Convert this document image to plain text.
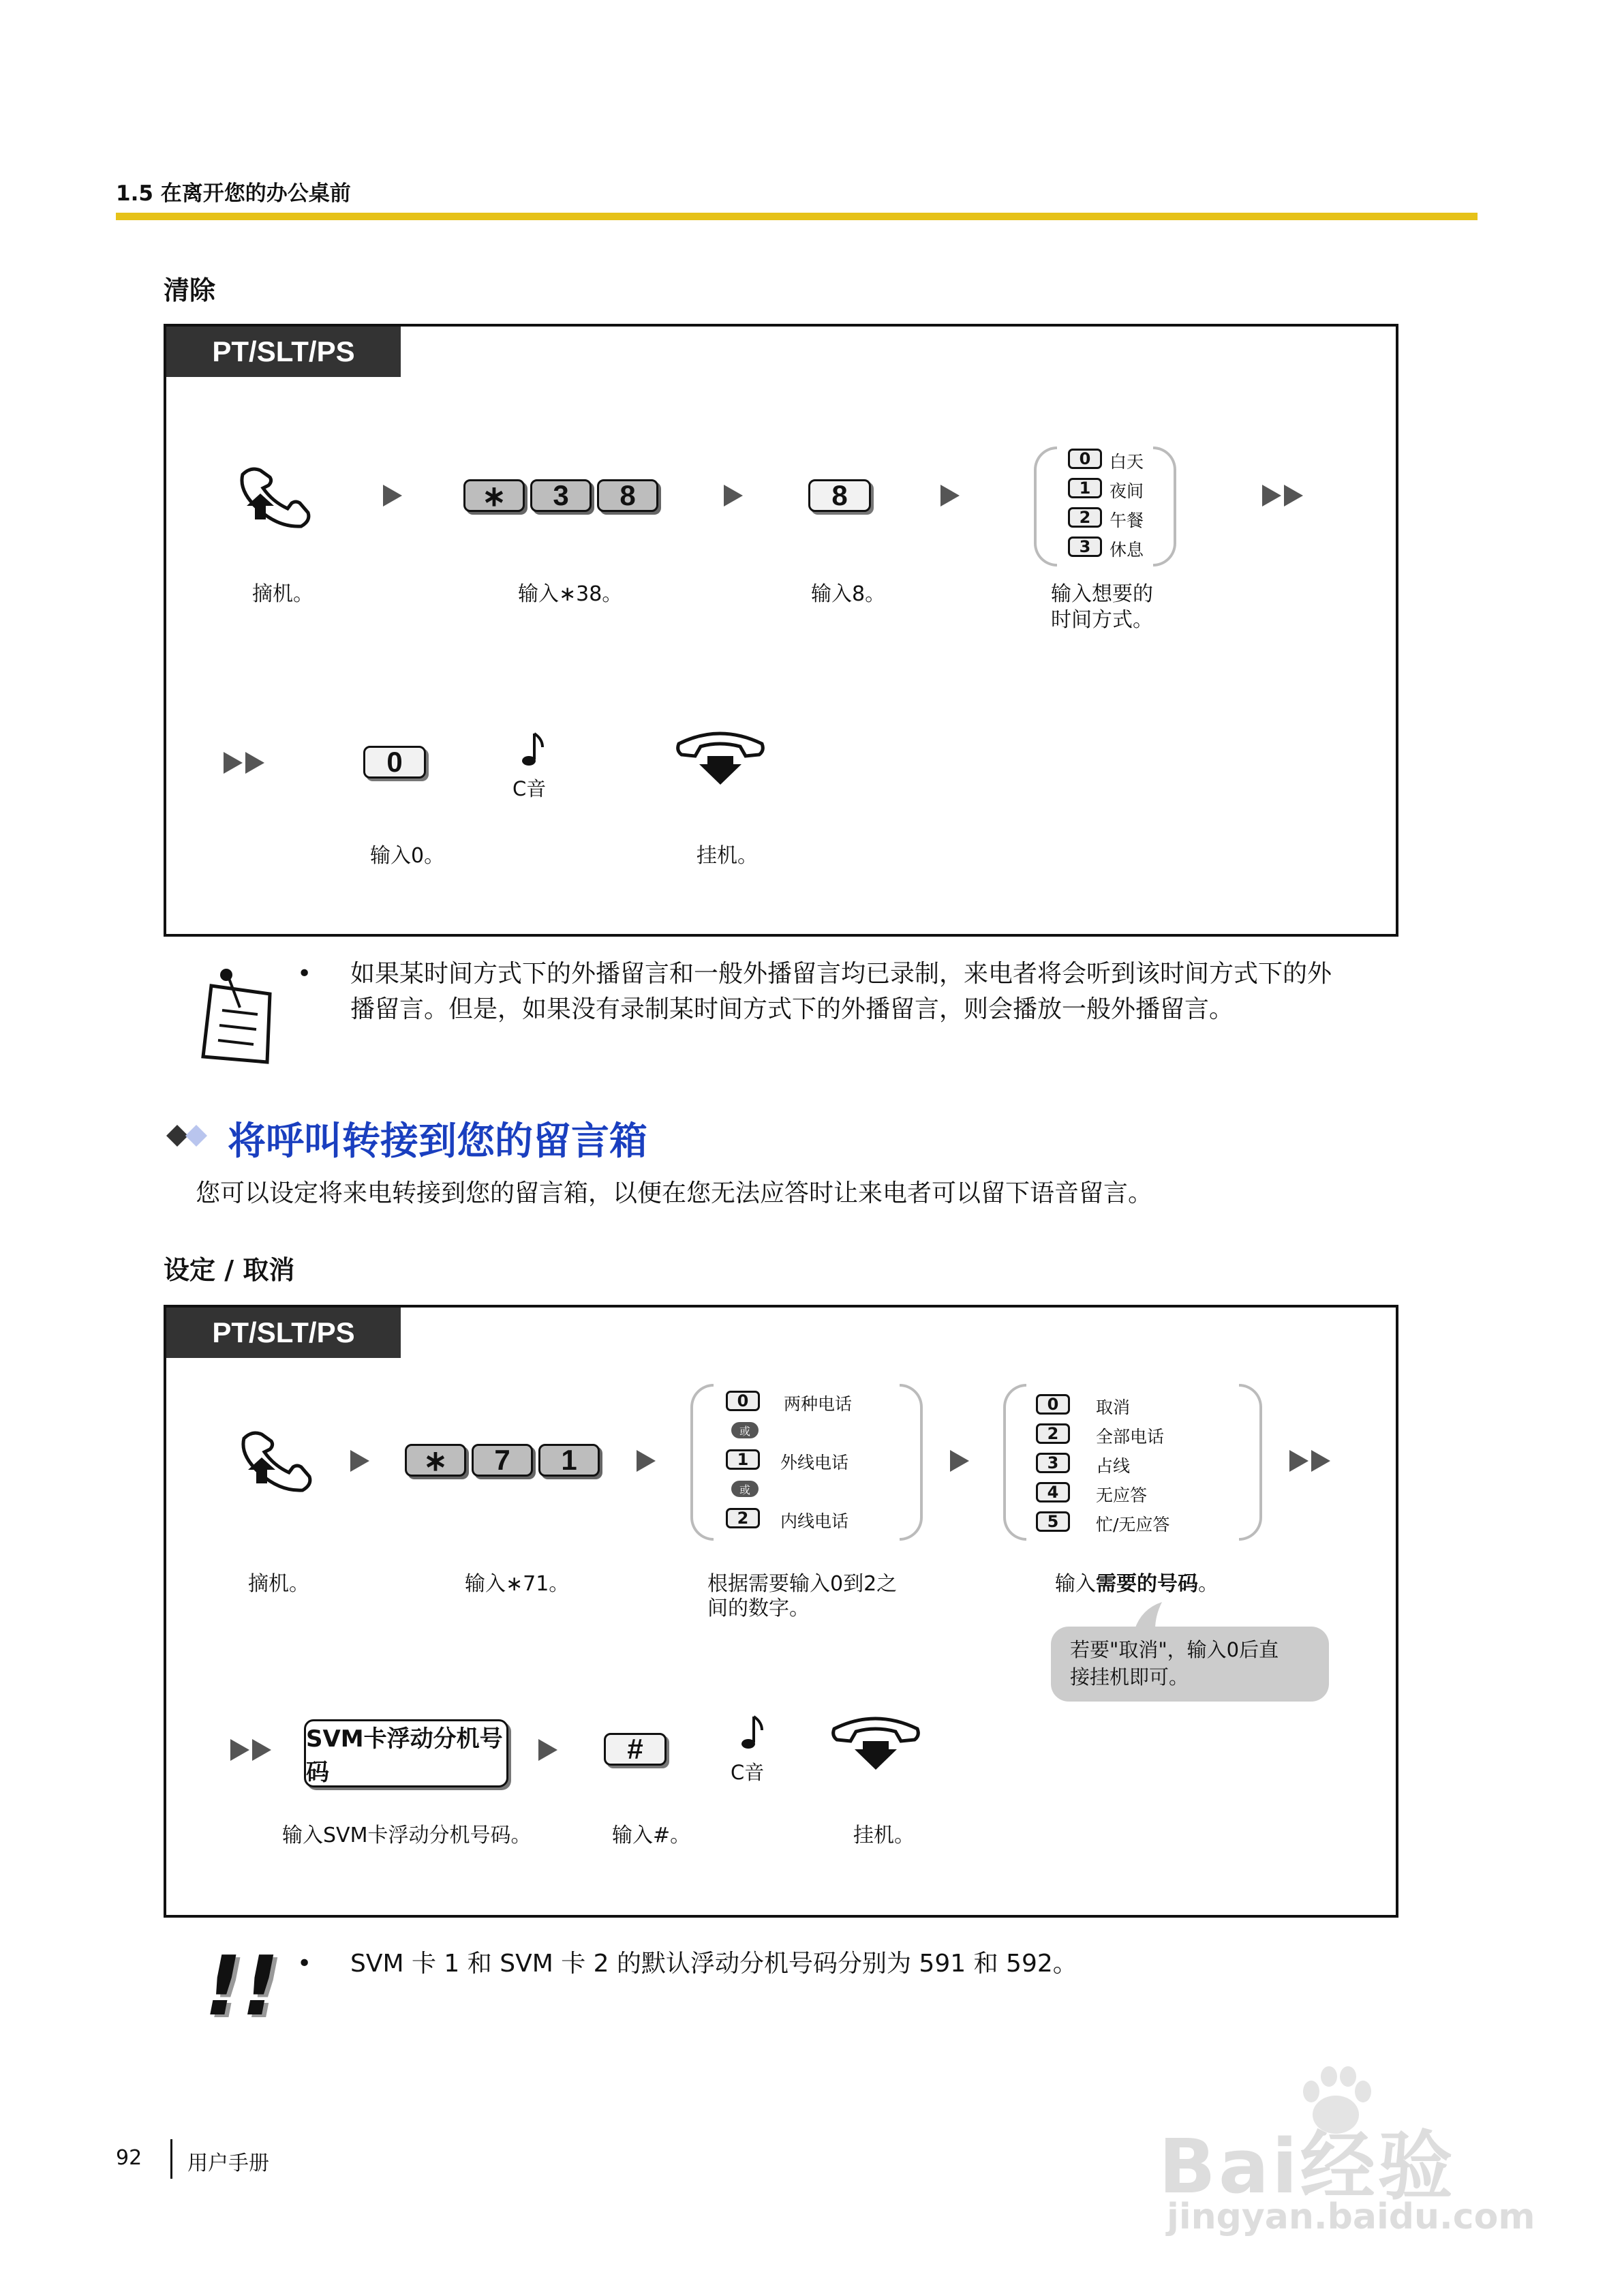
1.5 在离开您的办公桌前
清除
PT/SLT/PS
∗	3	8	8
0	白天
1	夜间
2	午餐
3	休息
摘机。	输入∗38。	输入8。	输入想要的
时间方式。
0
C音
输入0。	挂机。
• 如果某时间方式下的外播留言和一般外播留言均已录制，来电者将会听到该时间方式下的外
播留言。但是，如果没有录制某时间方式下的外播留言，则会播放一般外播留言。
将呼叫转接到您的留言箱
您可以设定将来电转接到您的留言箱，以便在您无法应答时让来电者可以留下语音留言。
设定 / 取消
PT/SLT/PS
∗	7	1
0	两种电话
或
1	外线电话
或
2	内线电话
0	取消
2	全部电话
3	占线
4	无应答
5	忙/无应答
摘机。	输入∗71。	根据需要输入0到2之
间的数字。
输入需要的号码。
若要"取消"，输入0后直
接挂机即可。
SVM卡浮动分机号码
#
C音
输入SVM卡浮动分机号码。	输入#。	挂机。
!! • SVM 卡 1 和 SVM 卡 2 的默认浮动分机号码分别为 591 和 592。
92 用户手册	Bai经验
jingyan.baidu.com
